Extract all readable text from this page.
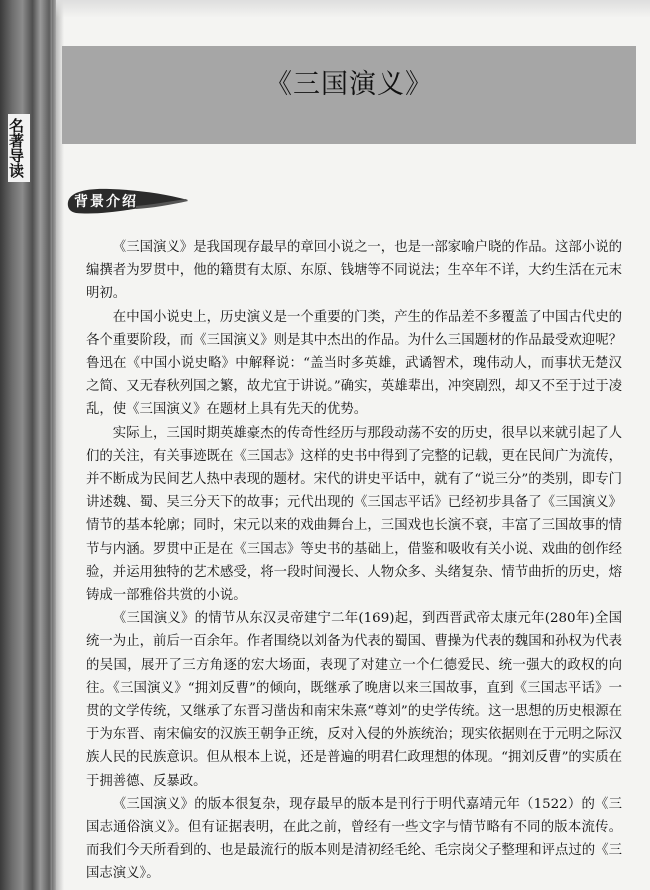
名著导读
《三国演义》
背景介绍

《三国演义》是我国现存最早的章回小说之一，也是一部家喻户晓的作品。这部小说的编撰者为罗贯中，他的籍贯有太原、东原、钱塘等不同说法；生卒年不详，大约生活在元末明初。

在中国小说史上，历史演义是一个重要的门类，产生的作品差不多覆盖了中国古代史的各个重要阶段，而《三国演义》则是其中杰出的作品。为什么三国题材的作品最受欢迎呢？鲁迅在《中国小说史略》中解释说：“盖当时多英雄，武谲智术，瑰伟动人，而事状无楚汉之简、又无春秋列国之繁，故尤宜于讲说。”确实，英雄辈出，冲突剧烈，却又不至于过于凌乱，使《三国演义》在题材上具有先天的优势。

实际上，三国时期英雄豪杰的传奇性经历与那段动荡不安的历史，很早以来就引起了人们的关注，有关事迹既在《三国志》这样的史书中得到了完整的记载，更在民间广为流传，并不断成为民间艺人热中表现的题材。宋代的讲史平话中，就有了“说三分”的类别，即专门讲述魏、蜀、吴三分天下的故事；元代出现的《三国志平话》已经初步具备了《三国演义》情节的基本轮廓；同时，宋元以来的戏曲舞台上，三国戏也长演不衰，丰富了三国故事的情节与内涵。罗贯中正是在《三国志》等史书的基础上，借鉴和吸收有关小说、戏曲的创作经验，并运用独特的艺术感受，将一段时间漫长、人物众多、头绪复杂、情节曲折的历史，熔铸成一部雅俗共赏的小说。

《三国演义》的情节从东汉灵帝建宁二年(169)起，到西晋武帝太康元年(280年)全国统一为止，前后一百余年。作者围绕以刘备为代表的蜀国、曹操为代表的魏国和孙权为代表的吴国，展开了三方角逐的宏大场面，表现了对建立一个仁德爱民、统一强大的政权的向往。《三国演义》“拥刘反曹”的倾向，既继承了晚唐以来三国故事，直到《三国志平话》一贯的文学传统，又继承了东晋习凿齿和南宋朱熹“尊刘”的史学传统。这一思想的历史根源在于为东晋、南宋偏安的汉族王朝争正统，反对入侵的外族统治；现实依据则在于元明之际汉族人民的民族意识。但从根本上说，还是普遍的明君仁政理想的体现。“拥刘反曹”的实质在于拥善德、反暴政。

《三国演义》的版本很复杂，现存最早的版本是刊行于明代嘉靖元年（1522）的《三国志通俗演义》。但有证据表明，在此之前，曾经有一些文字与情节略有不同的版本流传。而我们今天所看到的、也是最流行的版本则是清初经毛纶、毛宗岗父子整理和评点过的《三国志演义》。
